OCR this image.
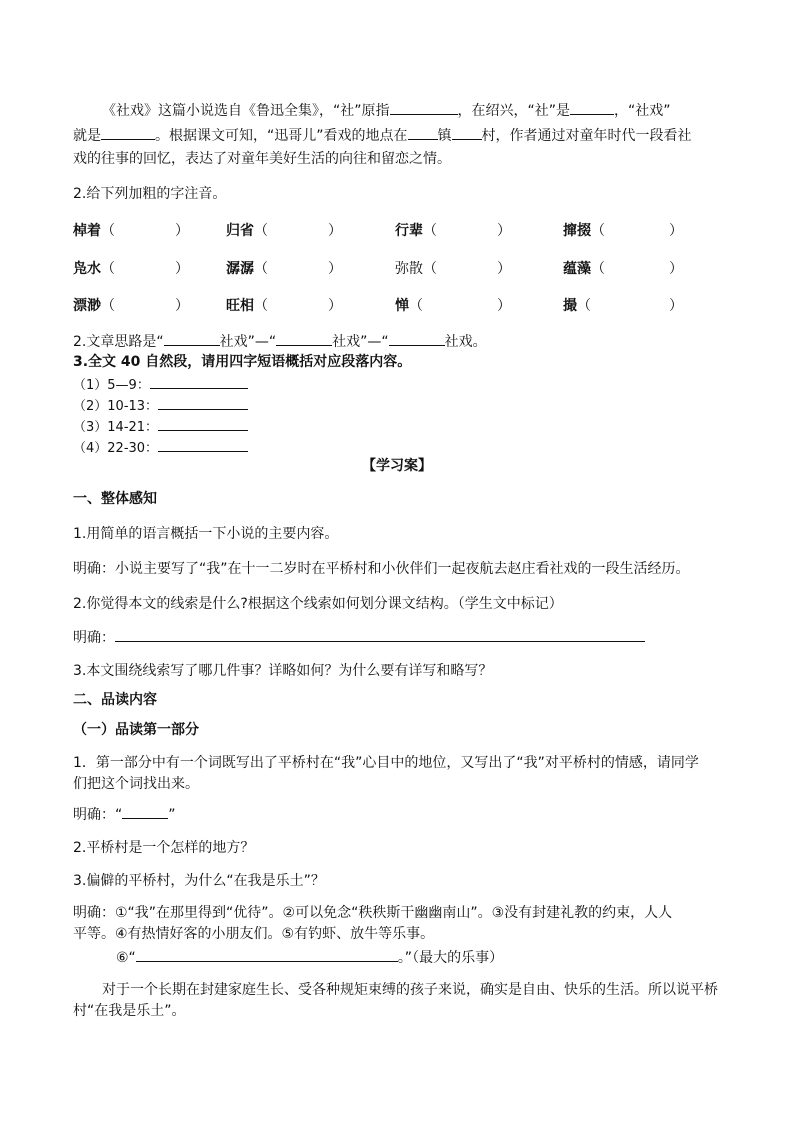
《社戏》这篇小说选自《鲁迅全集》，“社”原指	，在绍兴，“社”是	，“社戏”
就是	。根据课文可知，“迅哥儿”看戏的地点在 镇 村，作者通过对童年时代一段看社
戏的往事的回忆，表达了对童年美好生活的向往和留恋之情。
2.给下列加粗的字注音。
棹着（	）	归省（	）	行辈（	）	撺掇（	）
凫水（	）	潺潺（	）	弥散（	）	蕴藻（	）
漂渺（	）	旺相（	）	惮（	）	撮（	）
2.文章思路是“	社戏”—“	社戏”—“	社戏。
3.全文 40 自然段，请用四字短语概括对应段落内容。
（1）5—9：
（2）10-13：
（3）14-21：
（4）22-30：
【学习案】
一、整体感知
1.用简单的语言概括一下小说的主要内容。
明确：小说主要写了“我”在十一二岁时在平桥村和小伙伴们一起夜航去赵庄看社戏的一段生活经历。
2.你觉得本文的线索是什么?根据这个线索如何划分课文结构。（学生文中标记）
明确：
3.本文围绕线索写了哪几件事？详略如何？为什么要有详写和略写？
二、品读内容
（一）品读第一部分
1．第一部分中有一个词既写出了平桥村在“我”心目中的地位，又写出了“我”对平桥村的情感，请同学
们把这个词找出来。
明确：“	”
2.平桥村是一个怎样的地方？
3.偏僻的平桥村，为什么“在我是乐土”？
明确：①“我”在那里得到“优待”。②可以免念“秩秩斯干幽幽南山”。③没有封建礼教的约束，人人
平等。④有热情好客的小朋友们。⑤有钓虾、放牛等乐事。
⑥“	。”（最大的乐事）
对于一个长期在封建家庭生长、受各种规矩束缚的孩子来说，确实是自由、快乐的生活。所以说平桥
村“在我是乐土”。
